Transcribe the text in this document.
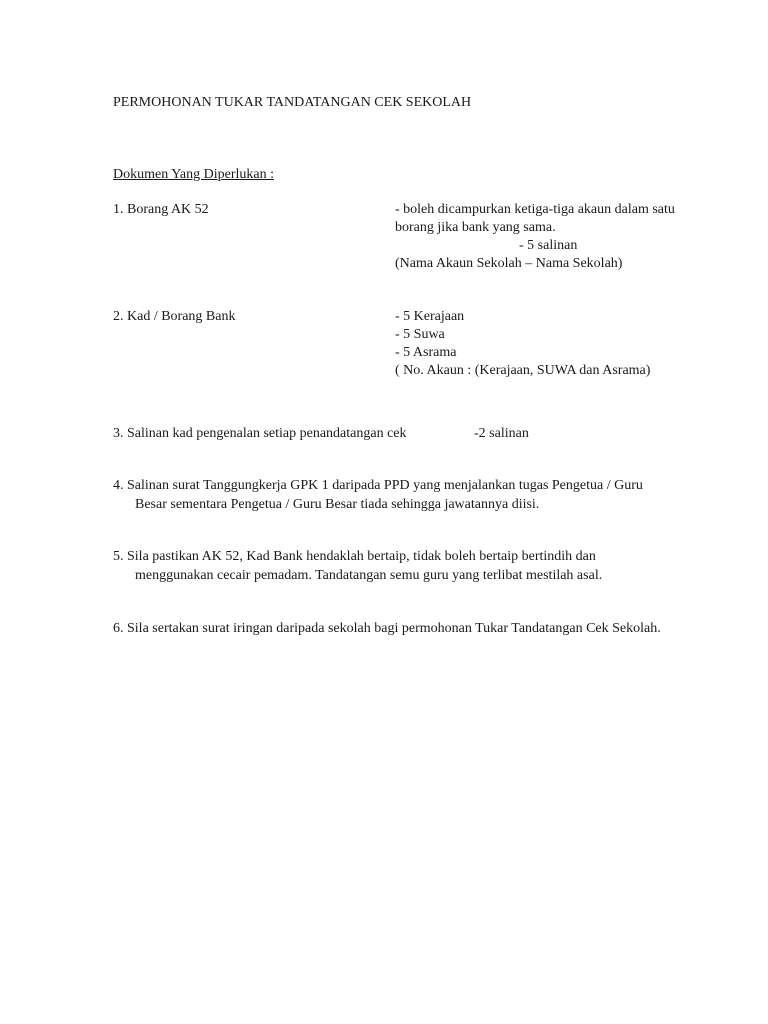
PERMOHONAN TUKAR TANDATANGAN CEK SEKOLAH
Dokumen Yang Diperlukan :
1. Borang AK 52	- boleh dicampurkan ketiga-tiga akaun dalam satu
borang jika bank yang sama.
- 5 salinan
(Nama Akaun Sekolah – Nama Sekolah)
2. Kad / Borang Bank	- 5 Kerajaan
- 5 Suwa
- 5 Asrama
( No. Akaun : (Kerajaan, SUWA dan Asrama)
3. Salinan kad pengenalan setiap penandatangan cek	-2 salinan
4. Salinan surat Tanggungkerja GPK 1 daripada PPD yang menjalankan tugas Pengetua / Guru
Besar sementara Pengetua / Guru Besar tiada sehingga jawatannya diisi.
5. Sila pastikan AK 52, Kad Bank hendaklah bertaip, tidak boleh bertaip bertindih dan
menggunakan cecair pemadam. Tandatangan semu guru yang terlibat mestilah asal.
6. Sila sertakan surat iringan daripada sekolah bagi permohonan Tukar Tandatangan Cek Sekolah.
